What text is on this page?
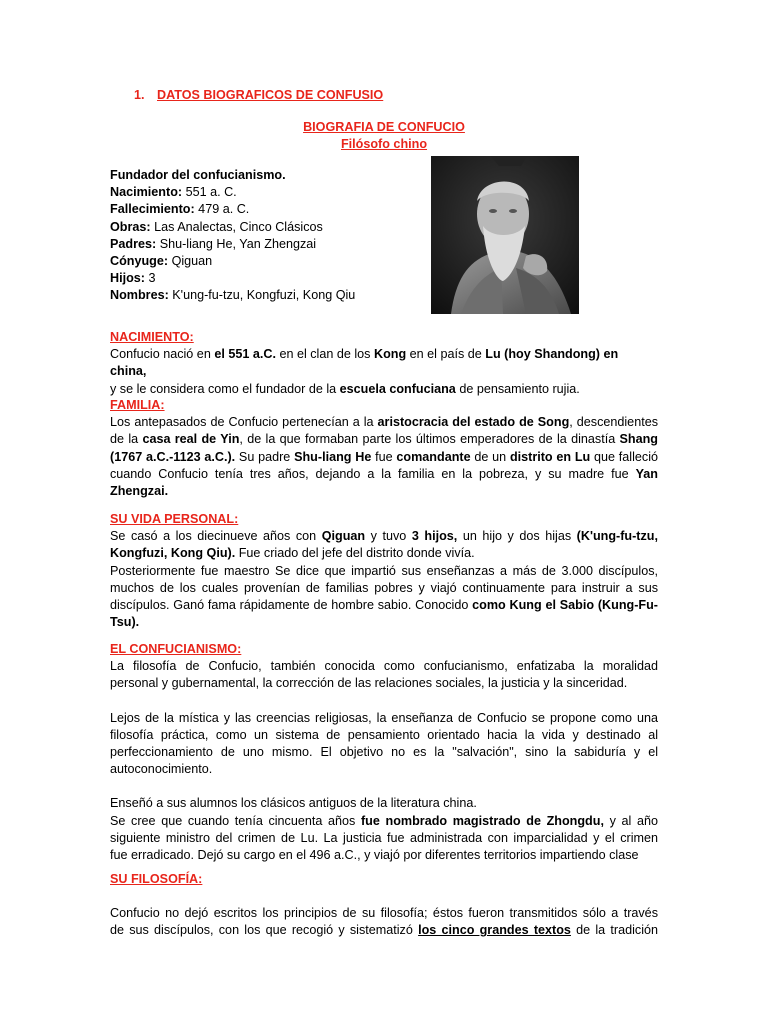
1. DATOS BIOGRAFICOS DE CONFUSIO
BIOGRAFIA DE CONFUCIO
Filósofo chino
Fundador del confucianismo.
Nacimiento: 551 a. C.
Fallecimiento: 479 a. C.
Obras: Las Analectas, Cinco Clásicos
Padres: Shu-liang He, Yan Zhengzai
Cónyuge: Qiguan
Hijos: 3
Nombres: K'ung-fu-tzu, Kongfuzi, Kong Qiu
NACIMIENTO:

Confucio nació en el 551 a.C. en el clan de los Kong en el país de Lu (hoy Shandong) en china,

y se le considera como el fundador de la escuela confuciana de pensamiento rujia.

FAMILIA:

Los antepasados de Confucio pertenecían a la aristocracia del estado de Song, descendientes

de la casa real de Yin, de la que formaban parte los últimos emperadores de la dinastía Shang

(1767 a.C.-1123 a.C.). Su padre Shu-liang He fue comandante de un distrito en Lu que falleció

cuando Confucio tenía tres años, dejando a la familia en la pobreza, y su madre fue Yan

Zhengzai.

SU VIDA PERSONAL:

Se casó a los diecinueve años con Qiguan y tuvo 3 hijos, un hijo y dos hijas (K'ung-fu-tzu,

Kongfuzi, Kong Qiu). Fue criado del jefe del distrito donde vivía.

Posteriormente fue maestro Se dice que impartió sus enseñanzas a más de 3.000 discípulos,

muchos de los cuales provenían de familias pobres y viajó continuamente para instruir a sus

discípulos. Ganó fama rápidamente de hombre sabio. Conocido como Kung el Sabio (Kung-Fu-

Tsu).

EL CONFUCIANISMO:

La filosofía de Confucio, también conocida como confucianismo, enfatizaba la moralidad

personal y gubernamental, la corrección de las relaciones sociales, la justicia y la sinceridad.

Lejos de la mística y las creencias religiosas, la enseñanza de Confucio se propone como una

filosofía práctica, como un sistema de pensamiento orientado hacia la vida y destinado al

perfeccionamiento de uno mismo. El objetivo no es la "salvación", sino la sabiduría y el

autoconocimiento.

Enseñó a sus alumnos los clásicos antiguos de la literatura china.

Se cree que cuando tenía cincuenta años fue nombrado magistrado de Zhongdu, y al año

siguiente ministro del crimen de Lu. La justicia fue administrada con imparcialidad y el crimen

fue erradicado. Dejó su cargo en el 496 a.C., y viajó por diferentes territorios impartiendo clase

SU FILOSOFÍA:

Confucio no dejó escritos los principios de su filosofía; éstos fueron transmitidos sólo a través

de sus discípulos, con los que recogió y sistematizó los cinco grandes textos de la tradición
